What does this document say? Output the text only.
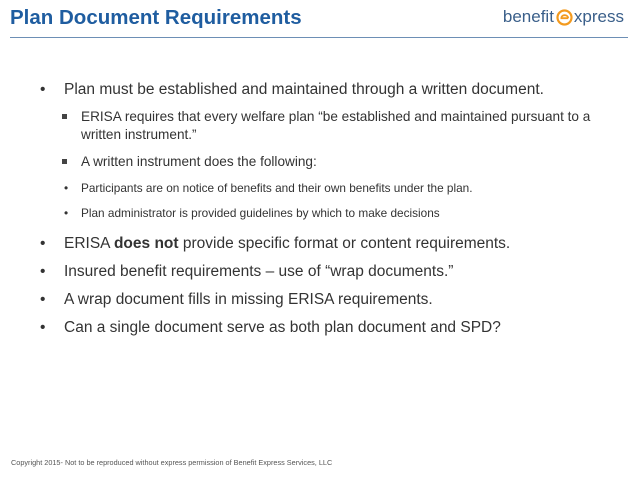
Plan Document Requirements	benefit xpress
• Plan must be established and maintained through a written document.
ERISA requires that every welfare plan “be established and maintained pursuant to a written instrument.”
A written instrument does the following:
• Participants are on notice of benefits and their own benefits under the plan.
• Plan administrator is provided guidelines by which to make decisions
• ERISA does not provide specific format or content requirements.
• Insured benefit requirements – use of “wrap documents.”
• A wrap document fills in missing ERISA requirements.
• Can a single document serve as both plan document and SPD?
Copyright 2015- Not to be reproduced without express permission of Benefit Express Services, LLC
